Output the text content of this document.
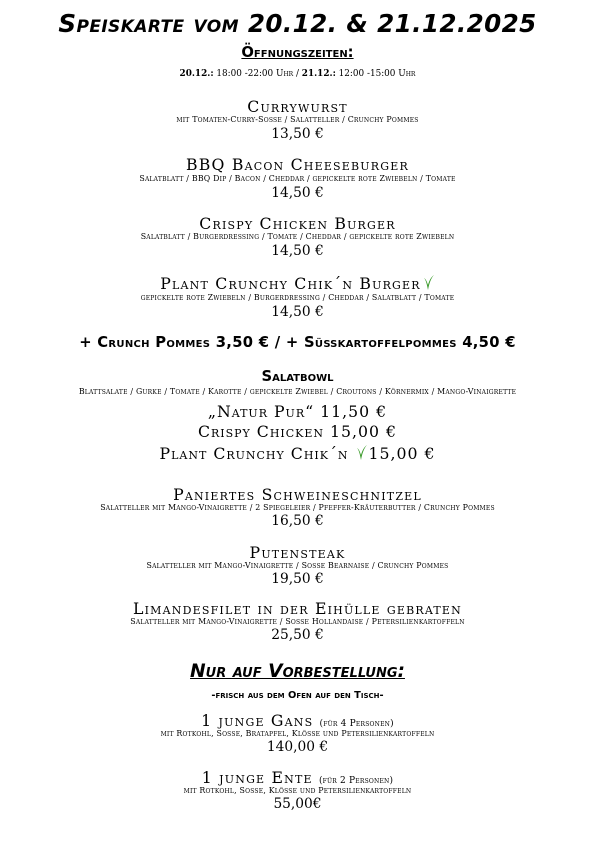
Speiskarte vom 20.12. & 21.12.2025
Öffnungszeiten:
20.12.: 18:00 -22:00 Uhr / 21.12.: 12:00 -15:00 Uhr
Currywurst
mit Tomaten-Curry-Sosse / Salatteller / Crunchy Pommes
13,50 €
BBQ Bacon Cheeseburger
Salatblatt / BBQ Dip / Bacon / Cheddar / gepickelte rote Zwiebeln / Tomate
14,50 €
Crispy Chicken Burger
Salatblatt / Burgerdressing / Tomate / Cheddar / gepickelte rote Zwiebeln
14,50 €
Plant Crunchy Chik´n Burger
gepickelte rote Zwiebeln / Burgerdressing / Cheddar / Salatblatt / Tomate
14,50 €
+ Crunch Pommes 3,50 € / + Süßkartoffelpommes 4,50 €
Salatbowl
Blattsalate / Gurke / Tomate / Karotte / gepickelte Zwiebel / Croutons / Körnermix / Mango-Vinaigrette
„Natur Pur“ 11,50 €
Crispy Chicken 15,00 €
Plant Crunchy Chik´n 15,00 €
Paniertes Schweineschnitzel
Salatteller mit Mango-Vinaigrette / 2 Spiegeleier / Pfeffer-Kräuterbutter / Crunchy Pommes
16,50 €
Putensteak
Salatteller mit Mango-Vinaigrette / Sosse Bearnaise / Crunchy Pommes
19,50 €
Limandesfilet in der Eihülle gebraten
Salatteller mit Mango-Vinaigrette / Sosse Hollandaise / Petersilienkartoffeln
25,50 €
Nur auf Vorbestellung:
-frisch aus dem Ofen auf den Tisch-
1 junge Gans (für 4 Personen)
mit Rotkohl, Sosse, Bratapfel, Klösse und Petersilienkartoffeln
140,00 €
1 junge Ente (für 2 Personen)
mit Rotkohl, Sosse, Klösse und Petersilienkartoffeln
55,00€
